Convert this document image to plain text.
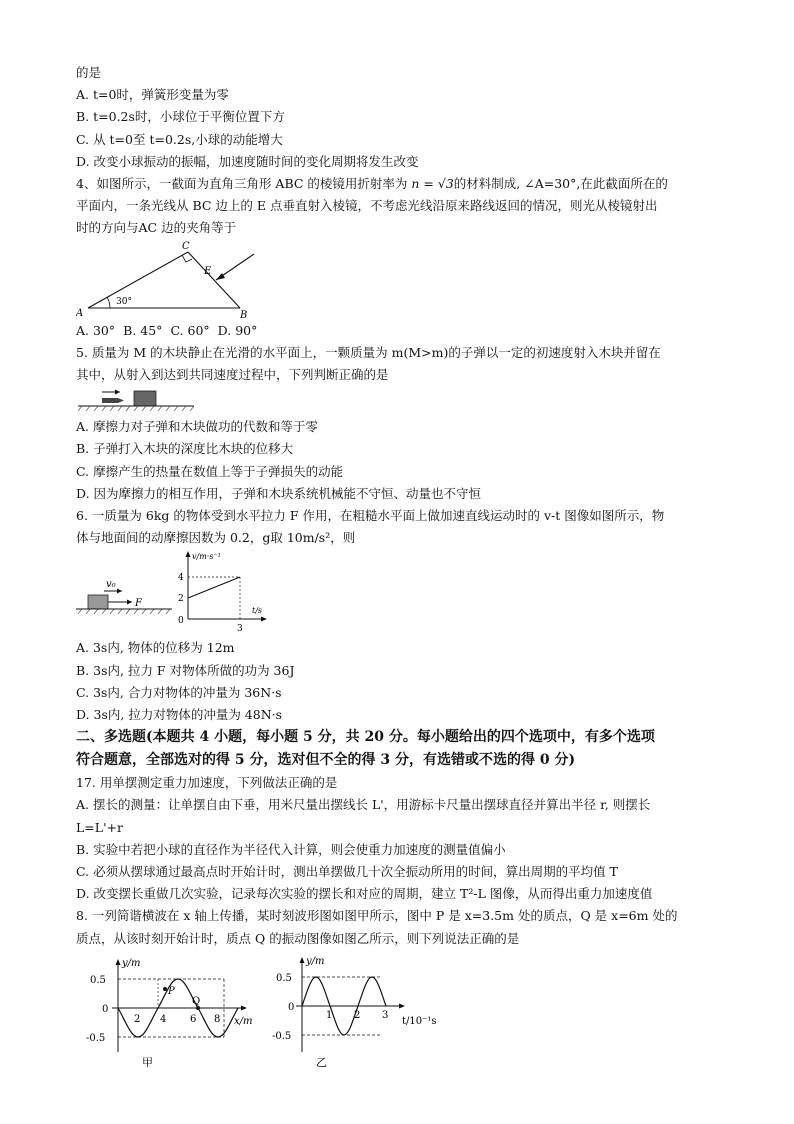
的是
A. t=0时，弹簧形变量为零
B. t=0.2s时，小球位于平衡位置下方
C. 从 t=0至 t=0.2s,小球的动能增大
D. 改变小球振动的振幅，加速度随时间的变化周期将发生改变
4、如图所示，一截面为直角三角形 ABC 的棱镜用折射率为 n = √3的材料制成, ∠A=30°,在此截面所在的
平面内，一条光线从 BC 边上的 E 点垂直射入棱镜，不考虑光线沿原来路线返回的情况，则光从棱镜射出
时的方向与AC 边的夹角等于
C
E
A	B
30°
A. 30° B. 45° C. 60° D. 90°
5. 质量为 M 的木块静止在光滑的水平面上，一颗质量为 m(M>m)的子弹以一定的初速度射入木块并留在
其中，从射入到达到共同速度过程中，下列判断正确的是
A. 摩擦力对子弹和木块做功的代数和等于零
B. 子弹打入木块的深度比木块的位移大
C. 摩擦产生的热量在数值上等于子弹损失的动能
D. 因为摩擦力的相互作用，子弹和木块系统机械能不守恒、动量也不守恒
6. 一质量为 6kg 的物体受到水平拉力 F 作用，在粗糙水平面上做加速直线运动时的 v-t 图像如图所示，物
体与地面间的动摩擦因数为 0.2，g取 10m/s²，则
v₀
F
v/m·s⁻¹
t/s
4
2
0
3
A. 3s内, 物体的位移为 12m
B. 3s内, 拉力 F 对物体所做的功为 36J
C. 3s内, 合力对物体的冲量为 36N·s
D. 3s内, 拉力对物体的冲量为 48N·s
二、多选题(本题共 4 小题，每小题 5 分，共 20 分。每小题给出的四个选项中，有多个选项
符合题意，全部选对的得 5 分，选对但不全的得 3 分，有选错或不选的得 0 分)
17. 用单摆测定重力加速度，下列做法正确的是
A. 摆长的测量：让单摆自由下垂，用米尺量出摆线长 L'，用游标卡尺量出摆球直径并算出半径 r, 则摆长
L=L'+r
B. 实验中若把小球的直径作为半径代入计算，则会使重力加速度的测量值偏小
C. 必须从摆球通过最高点时开始计时，测出单摆做几十次全振动所用的时间，算出周期的平均值 T
D. 改变摆长重做几次实验，记录每次实验的摆长和对应的周期，建立 T²-L 图像，从而得出重力加速度值
8. 一列简谐横波在 x 轴上传播，某时刻波形图如图甲所示，图中 P 是 x=3.5m 处的质点，Q 是 x=6m 处的
质点，从该时刻开始计时，质点 Q 的振动图像如图乙所示，则下列说法正确的是
y/m
0.5
0
-0.5
2 4 6 8 x/m
P
Q
甲
y/m
0.5
0
-0.5
1 2 3
t/10⁻¹s
乙
